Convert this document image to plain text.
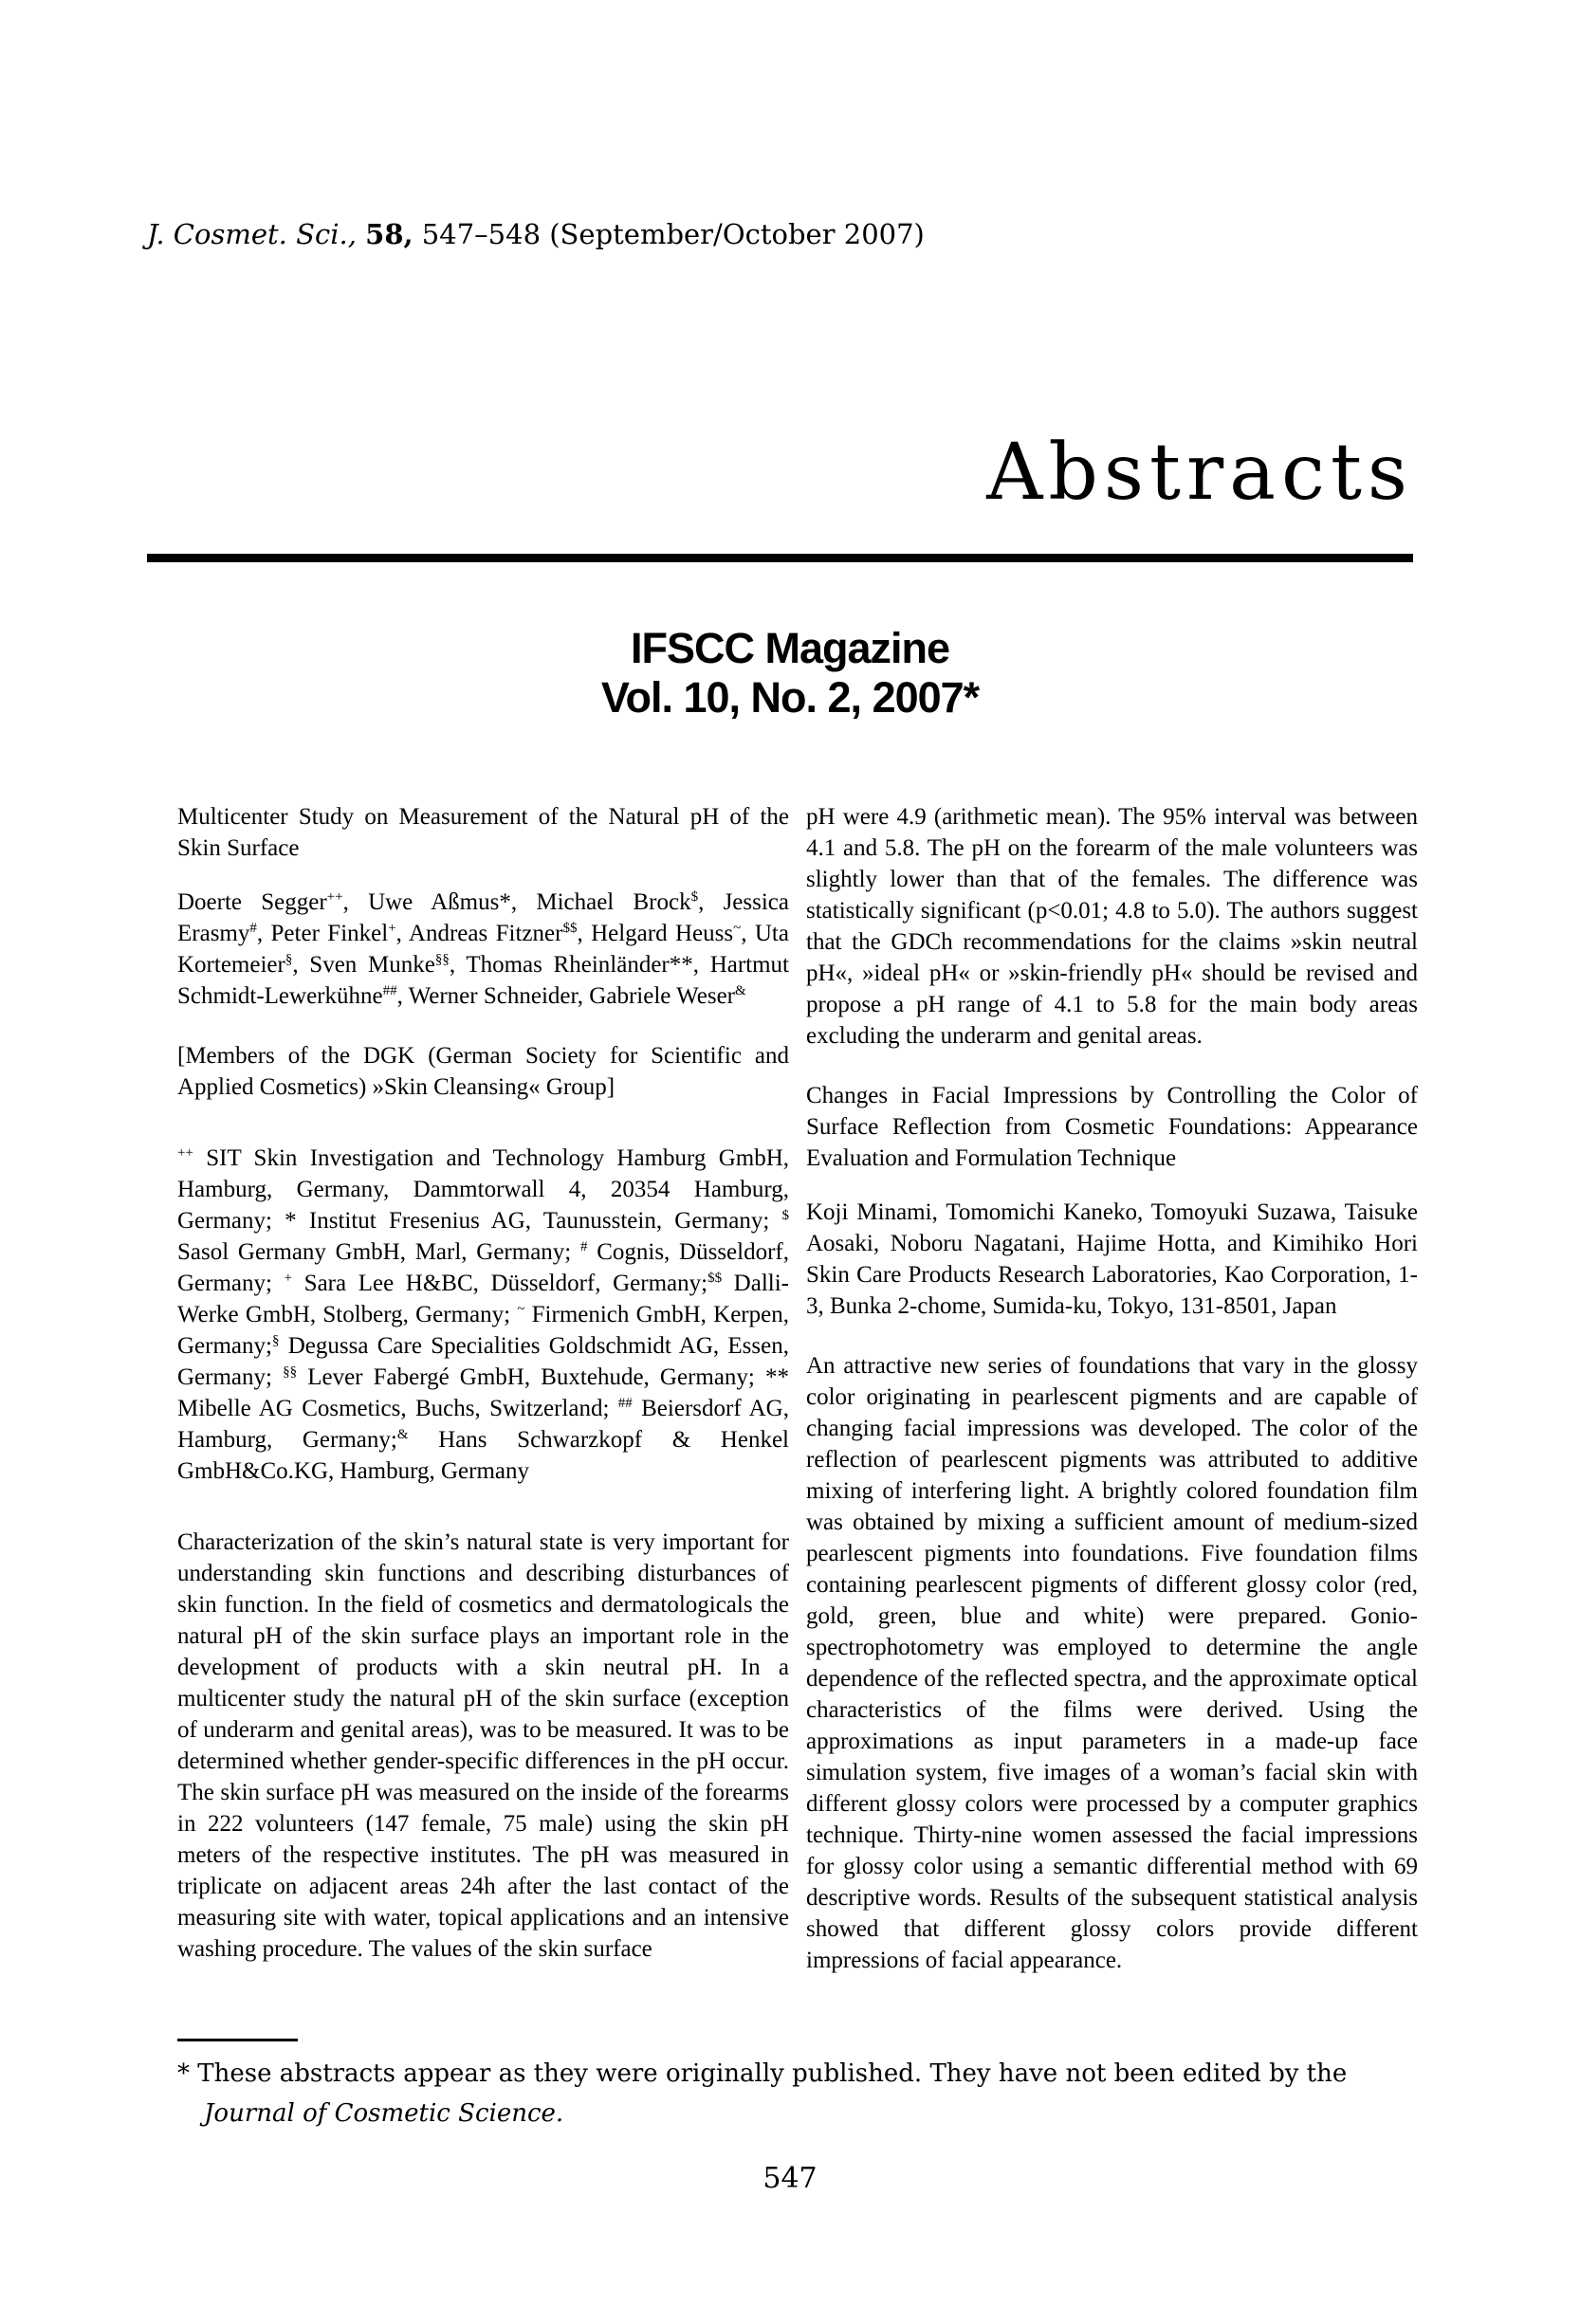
J. Cosmet. Sci., 58, 547–548 (September/October 2007)
Abstracts
IFSCC Magazine
Vol. 10, No. 2, 2007*

Multicenter Study on Measurement of the Natural pH of the Skin Surface

Doerte Segger++, Uwe Aßmus*, Michael Brock$, Jessica Erasmy#, Peter Finkel+, Andreas Fitzner$$, Helgard Heuss~, Uta Kortemeier§, Sven Munke§§, Thomas Rheinländer**, Hartmut Schmidt-Lewerkühne##, Werner Schneider, Gabriele Weser&

[Members of the DGK (German Society for Scientific and Applied Cosmetics) »Skin Cleansing« Group]

++ SIT Skin Investigation and Technology Hamburg GmbH, Hamburg, Germany, Dammtorwall 4, 20354 Hamburg, Germany; * Institut Fresenius AG, Taunusstein, Germany; $ Sasol Germany GmbH, Marl, Germany; # Cognis, Düsseldorf, Germany; + Sara Lee H&BC, Düsseldorf, Germany;$$ Dalli-Werke GmbH, Stolberg, Germany; ~ Firmenich GmbH, Kerpen, Germany;§ Degussa Care Specialities Goldschmidt AG, Essen, Germany; §§ Lever Fabergé GmbH, Buxtehude, Germany; ** Mibelle AG Cosmetics, Buchs, Switzerland; ## Beiersdorf AG, Hamburg, Germany;& Hans Schwarzkopf & Henkel GmbH&Co.KG, Hamburg, Germany

Characterization of the skin’s natural state is very important for understanding skin functions and describing disturbances of skin function. In the field of cosmetics and dermatologicals the natural pH of the skin surface plays an important role in the development of products with a skin neutral pH. In a multicenter study the natural pH of the skin surface (exception of underarm and genital areas), was to be measured. It was to be determined whether gender-specific differences in the pH occur. The skin surface pH was measured on the inside of the forearms in 222 volunteers (147 female, 75 male) using the skin pH meters of the respective institutes. The pH was measured in triplicate on adjacent areas 24h after the last contact of the measuring site with water, topical applications and an intensive washing procedure. The values of the skin surface

pH were 4.9 (arithmetic mean). The 95% interval was between 4.1 and 5.8. The pH on the forearm of the male volunteers was slightly lower than that of the females. The difference was statistically significant (p<0.01; 4.8 to 5.0). The authors suggest that the GDCh recommendations for the claims »skin neutral pH«, »ideal pH« or »skin-friendly pH« should be revised and propose a pH range of 4.1 to 5.8 for the main body areas excluding the underarm and genital areas.

Changes in Facial Impressions by Controlling the Color of Surface Reflection from Cosmetic Foundations: Appearance Evaluation and Formulation Technique

Koji Minami, Tomomichi Kaneko, Tomoyuki Suzawa, Taisuke Aosaki, Noboru Nagatani, Hajime Hotta, and Kimihiko Hori Skin Care Products Research Laboratories, Kao Corporation, 1-3, Bunka 2-chome, Sumida-ku, Tokyo, 131-8501, Japan

An attractive new series of foundations that vary in the glossy color originating in pearlescent pigments and are capable of changing facial impressions was developed. The color of the reflection of pearlescent pigments was attributed to additive mixing of interfering light. A brightly colored foundation film was obtained by mixing a sufficient amount of medium-sized pearlescent pigments into foundations. Five foundation films containing pearlescent pigments of different glossy color (red, gold, green, blue and white) were prepared. Gonio-spectrophotometry was employed to determine the angle dependence of the reflected spectra, and the approximate optical characteristics of the films were derived. Using the approximations as input parameters in a made-up face simulation system, five images of a woman’s facial skin with different glossy colors were processed by a computer graphics technique. Thirty-nine women assessed the facial impressions for glossy color using a semantic differential method with 69 descriptive words. Results of the subsequent statistical analysis showed that different glossy colors provide different impressions of facial appearance.

* These abstracts appear as they were originally published. They have not been edited by the Journal of Cosmetic Science.
547
